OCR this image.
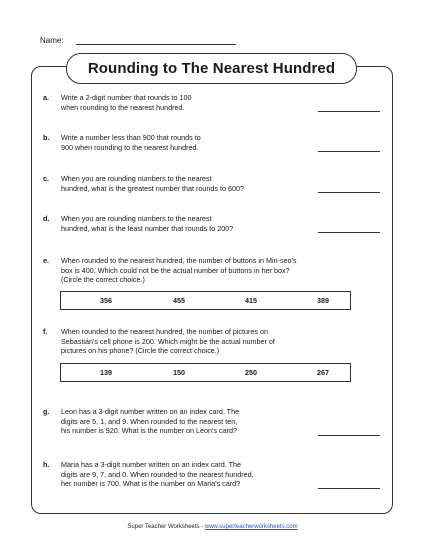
Name:
Rounding to The Nearest Hundred
a. Write a 2-digit number that rounds to 100
when rounding to the nearest hundred.
b. Write a number less than 900 that rounds to
900 when rounding to the nearest hundred.
c. When you are rounding numbers to the nearest
hundred, what is the greatest number that rounds to 600?
d. When you are rounding numbers to the nearest
hundred, what is the least number that rounds to 200?
e. When rounded to the nearest hundred, the number of buttons in Min-seo's
box is 400. Which could not be the actual number of buttons in her box?
(Circle the correct choice.)
356	455	415	389
f. When rounded to the nearest hundred, the number of pictures on
Sebastián's cell phone is 200. Which might be the actual number of
pictures on his phone? (Circle the correct choice.)
139	150	250	267
g. Leon has a 3-digit number written on an index card. The
digits are 5, 1, and 9. When rounded to the nearest ten,
his number is 920. What is the number on Leon's card?
h. Maria has a 3-digit number written on an index card. The
digits are 9, 7, and 0. When rounded to the nearest hundred,
her number is 700. What is the number on Maria's card?
Super Teacher Worksheets - www.superteacherworksheets.com
